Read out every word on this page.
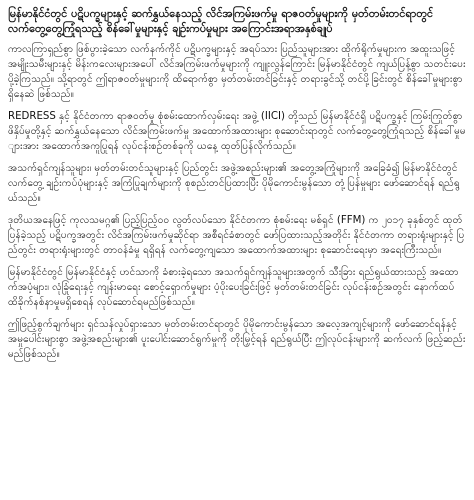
မြန်မာနိုင်ငံတွင် ပဋိပက္ခများနှင့် ဆက်နွှယ်နေသည့် လိင်အကြမ်းဖက်မှု ရာဇဝတ်မှုများကို မှတ်တမ်းတင်ရာတွင် လက်တွေ့တွေ့ကြုံရသည့် စိန်ခေါ်မှုများနှင့် ချဉ်းကပ်မှုများ အကြောင်းအရာအနှစ်ချုပ်

ကာလကြာရှည်စွာ ဖြစ်ပွားခဲ့သော လက်နက်ကိုင် ပဋိပက္ခများနှင့် အရပ်သား ပြည်သူများအား ထိုက်ရိုက်မှုများက အထူးသဖြင့် အမျိုးသမီးများနှင့် မိန်းကလေးများအပေါ် လိင်အကြမ်းဖက်မှုများကို ကျူးလွန်ကြောင်း မြန်မာနိုင်ငံတွင် ကျယ်ပြန့်စွာ သတင်းပေးပို့ခဲ့ကြသည်။ သို့ရာတွင် ဤရာဇဝတ်မှုများကို ထိရောက်စွာ မှတ်တမ်းတင်ခြင်းနှင့် တရားခွင်သို့ တင်ပို့ခြင်းတွင် စိန်ခေါ်မှုများစွာ ရှိနေဆဲ ဖြစ်သည်။

REDRESS နှင့် နိုင်ငံတကာ ရာဇဝတ်မှု စုံစမ်းထောက်လှမ်းရေး အဖွဲ့ (IICI) တို့သည် မြန်မာနိုင်ငံရှိ ပဋိပက္ခနှင့် ကြမ်းကြုတ်စွာ ဖိနှိပ်မှုတို့နှင့် ဆက်နွှယ်နေသော လိင်အကြမ်းဖက်မှု အထောက်အထားများ စုဆောင်းရာတွင် လက်တွေ့တွေ့ကြုံရသည့် စိန်ခေါ်မှုများအား အထောက်အကူပြုရန် လုပ်ငန်းစဉ်တစ်ခုကို ယနေ့ ထုတ်ပြန်လိုက်သည်။

အသက်ရှင်ကျန်သူများ၊ မှတ်တမ်းတင်သူများနှင့် ပြည်တွင်း အဖွဲ့အစည်းများ၏ အတွေ့အကြုံများကို အခြေခံ၍ မြန်မာနိုင်ငံတွင် လက်တွေ့ ချဉ်းကပ်ပုံများနှင့် အကြံပြုချက်များကို စုစည်းတင်ပြထားပြီး ပိုမိုကောင်းမွန်သော တုံ့ပြန်မှုများ ဖော်ဆောင်ရန် ရည်ရွယ်သည်။

ဒုတိယအနေဖြင့် ကုလသမဂ္ဂ၏ ပြည့်ပြည့်ဝဝ လွတ်လပ်သော နိုင်ငံတကာ စုံစမ်းရေး မစ်ရှင် (FFM) က ၂၀၁၇ ခုနှစ်တွင် ထုတ်ပြန်ခဲ့သည့် ပဋိပက္ခအတွင်း လိင်အကြမ်းဖက်မှုဆိုင်ရာ အစီရင်ခံစာတွင် ဖော်ပြထားသည့်အတိုင်း နိုင်ငံတကာ တရားရုံးများနှင့် ပြည်တွင်း တရားရုံးများတွင် တာဝန်ခံမှု ရရှိရန် လက်တွေ့ကျသော အထောက်အထားများ စုဆောင်းရေးမှာ အရေးကြီးသည်။

မြန်မာနိုင်ငံတွင် မြန်မာနိုင်ငံနှင့် ဟင်သာကို ခံစားခဲ့ရသော အသက်ရှင်ကျန်သူများအတွက် သီးခြား ရည်ရွယ်ထားသည့် အထောက်အပံ့များ၊ လုံခြုံရေးနှင့် ကျန်းမာရေး စောင့်ရှောက်မှုများ ပံ့ပိုးပေးခြင်းဖြင့် မှတ်တမ်းတင်ခြင်း လုပ်ငန်းစဉ်အတွင်း နောက်ထပ် ထိခိုက်နစ်နာမှုမရှိစေရန် လုပ်ဆောင်ရမည်ဖြစ်သည်။

ဤဖြည့်စွက်ချက်များ ရှင်သန်လှုပ်ရှားသော မှတ်တမ်းတင်ရာတွင် ပိုမိုကောင်းမွန်သော အလေ့အကျင့်များကို ဖော်ဆောင်ရန်နှင့် အမှုပေါင်းများစွာ အဖွဲ့အစည်းများ၏ ပူးပေါင်းဆောင်ရွက်မှုကို တိုးမြှင့်ရန် ရည်ရွယ်ပြီး ဤလုပ်ငန်းများကို ဆက်လက် ဖြည့်ဆည်းမည်ဖြစ်သည်။
